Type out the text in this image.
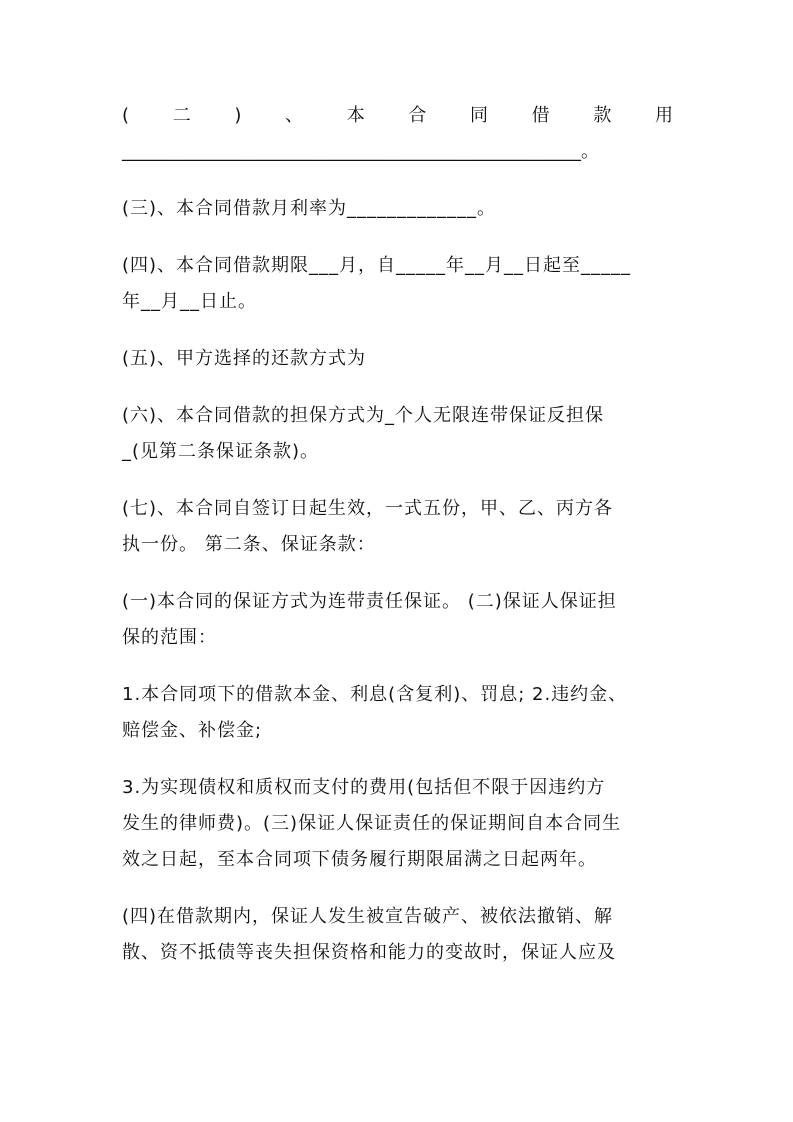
( 二 ) 、 本 合 同 借 款 用
___________________________________________________。
(三)、本合同借款月利率为_____________。
(四)、本合同借款期限___月，自_____年__月__日起至_____
年__月__日止。
(五)、甲方选择的还款方式为
(六)、本合同借款的担保方式为_个人无限连带保证反担保
_(见第二条保证条款)。
(七)、本合同自签订日起生效，一式五份，甲、乙、丙方各
执一份。 第二条、保证条款：
(一)本合同的保证方式为连带责任保证。 (二)保证人保证担
保的范围：
1.本合同项下的借款本金、利息(含复利)、罚息; 2.违约金、
赔偿金、补偿金;
3.为实现债权和质权而支付的费用(包括但不限于因违约方
发生的律师费)。(三)保证人保证责任的保证期间自本合同生
效之日起，至本合同项下债务履行期限届满之日起两年。
(四)在借款期内，保证人发生被宣告破产、被依法撤销、解
散、资不抵债等丧失担保资格和能力的变故时，保证人应及
